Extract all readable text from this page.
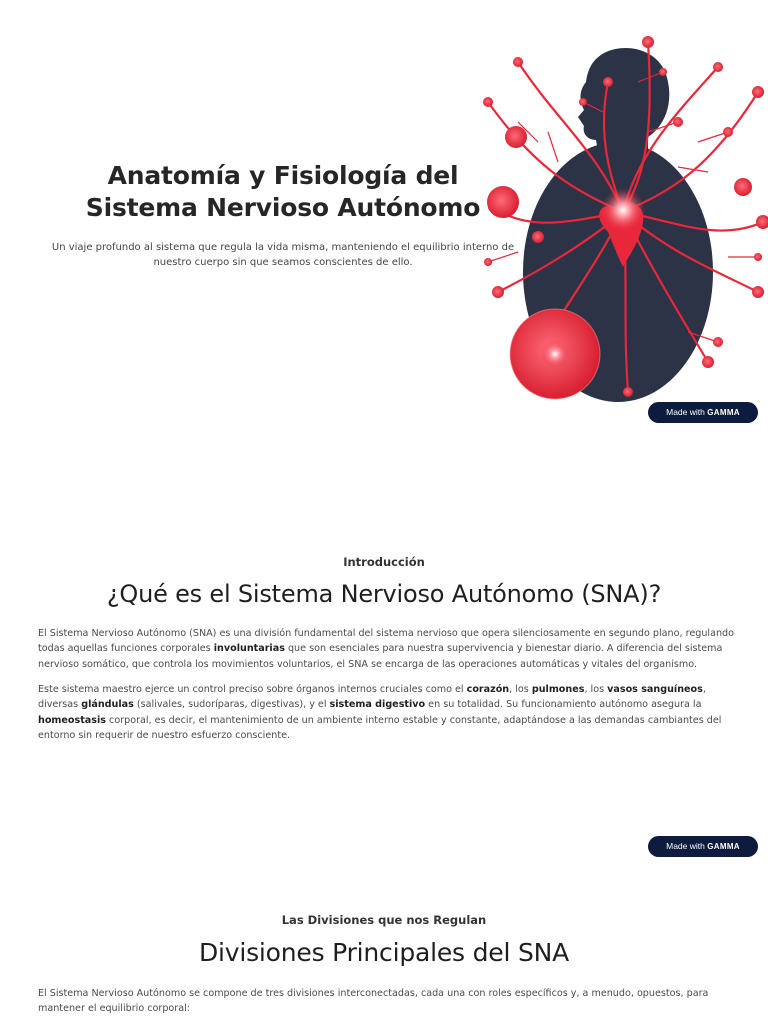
Anatomía y Fisiología del
Sistema Nervioso Autónomo

Un viaje profundo al sistema que regula la vida misma, manteniendo el equilibrio interno de nuestro cuerpo sin que seamos conscientes de ello.

Made with GAMMA

Introducción

¿Qué es el Sistema Nervioso Autónomo (SNA)?

El Sistema Nervioso Autónomo (SNA) es una división fundamental del sistema nervioso que opera silenciosamente en segundo plano, regulando todas aquellas funciones corporales involuntarias que son esenciales para nuestra supervivencia y bienestar diario. A diferencia del sistema nervioso somático, que controla los movimientos voluntarios, el SNA se encarga de las operaciones automáticas y vitales del organismo.

Este sistema maestro ejerce un control preciso sobre órganos internos cruciales como el corazón, los pulmones, los vasos sanguíneos, diversas glándulas (salivales, sudoríparas, digestivas), y el sistema digestivo en su totalidad. Su funcionamiento autónomo asegura la homeostasis corporal, es decir, el mantenimiento de un ambiente interno estable y constante, adaptándose a las demandas cambiantes del entorno sin requerir de nuestro esfuerzo consciente.

Made with GAMMA

Las Divisiones que nos Regulan

Divisiones Principales del SNA

El Sistema Nervioso Autónomo se compone de tres divisiones interconectadas, cada una con roles específicos y, a menudo, opuestos, para mantener el equilibrio corporal:
